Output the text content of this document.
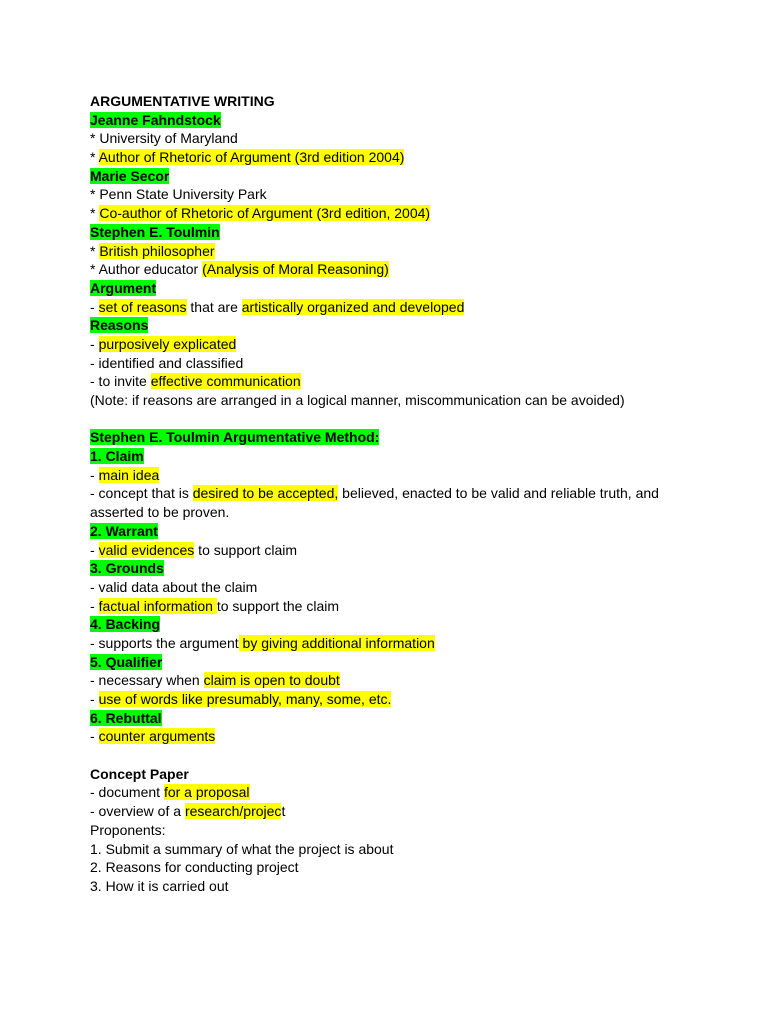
ARGUMENTATIVE WRITING
Jeanne Fahndstock
* University of Maryland
* Author of Rhetoric of Argument (3rd edition 2004)
Marie Secor
* Penn State University Park
* Co-author of Rhetoric of Argument (3rd edition, 2004)
Stephen E. Toulmin
* British philosopher
* Author educator (Analysis of Moral Reasoning)
Argument
- set of reasons that are artistically organized and developed
Reasons
- purposively explicated
- identified and classified
- to invite effective communication
(Note: if reasons are arranged in a logical manner, miscommunication can be avoided)
Stephen E. Toulmin Argumentative Method:
1. Claim
- main idea
- concept that is desired to be accepted, believed, enacted to be valid and reliable truth, and asserted to be proven.
2. Warrant
- valid evidences to support claim
3. Grounds
- valid data about the claim
- factual information to support the claim
4. Backing
- supports the argument by giving additional information
5. Qualifier
- necessary when claim is open to doubt
- use of words like presumably, many, some, etc.
6. Rebuttal
- counter arguments
Concept Paper
- document for a proposal
- overview of a research/project
Proponents:
1. Submit a summary of what the project is about
2. Reasons for conducting project
3. How it is carried out
